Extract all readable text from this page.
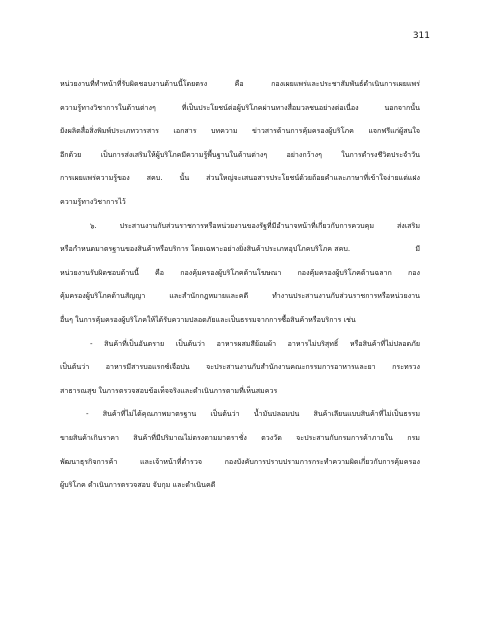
311
หน่วยงานที่ทำหน้าที่รับผิดชอบงานด้านนี้โดยตรง คือ กองเผยแพร่และประชาสัมพันธ์ดำเนินการเผยแพร่
ความรู้ทางวิชาการในด้านต่างๆ ที่เป็นประโยชน์ต่อผู้บริโภคผ่านทางสื่อมวลชนอย่างต่อเนื่อง นอกจากนั้น
ยังผลิตสื่อสิ่งพิมพ์ประเภทวารสาร เอกสาร บทความ ข่าวสารด้านการคุ้มครองผู้บริโภค แจกฟรีแก่ผู้สนใจ
อีกด้วย เป็นการส่งเสริมให้ผู้บริโภคมีความรู้พื้นฐานในด้านต่างๆ อย่างกว้างๆ ในการดำรงชีวิตประจำวัน
การเผยแพร่ความรู้ของ สคบ. นั้น ส่วนใหญ่จะเสนอสารประโยชน์ด้วยถ้อยคำและภาษาที่เข้าใจง่ายแต่แฝง
ความรู้ทางวิชาการไว้
๖. ประสานงานกับส่วนราชการหรือหน่วยงานของรัฐที่มีอำนาจหน้าที่เกี่ยวกับการควบคุม ส่งเสริม
หรือกำหนดมาตรฐานของสินค้าหรือบริการ โดยเฉพาะอย่างยิ่งสินค้าประเภทอุปโภคบริโภค สคบ.	มี
หน่วยงานรับผิดชอบด้านนี้ คือ กองคุ้มครองผู้บริโภคด้านโฆษณา กองคุ้มครองผู้บริโภคด้านฉลาก กอง
คุ้มครองผู้บริโภคด้านสัญญา และสำนักกฎหมายและคดี ทำงานประสานงานกับส่วนราชการหรือหน่วยงาน
อื่นๆ ในการคุ้มครองผู้บริโภคให้ได้รับความปลอดภัยและเป็นธรรมจากการซื้อสินค้าหรือบริการ เช่น
- สินค้าที่เป็นอันตราย เป็นต้นว่า อาหารผสมสีย้อมผ้า อาหารไม่บริสุทธิ์ หรือสินค้าที่ไม่ปลอดภัย
เป็นต้นว่า อาหารมีสารบอแรกซ์เจือปน จะประสานงานกับสำนักงานคณะกรรมการอาหารและยา กระทรวง
สาธารณสุข ในการตรวจสอบข้อเท็จจริงและดำเนินการตามที่เห็นสมควร
- สินค้าที่ไม่ได้คุณภาพมาตรฐาน เป็นต้นว่า น้ำมันปลอมปน สินค้าเลียนแบบสินค้าที่ไม่เป็นธรรม
ขายสินค้าเกินราคา สินค้าที่มีปริมาณไม่ตรงตามมาตราชั่ง ตวงวัด จะประสานกับกรมการค้าภายใน กรม
พัฒนาธุรกิจการค้า และเจ้าหน้าที่ตำรวจ กองบังคับการปราบปรามการกระทำความผิดเกี่ยวกับการคุ้มครอง
ผู้บริโภค ดำเนินการตรวจสอบ จับกุม และดำเนินคดี
